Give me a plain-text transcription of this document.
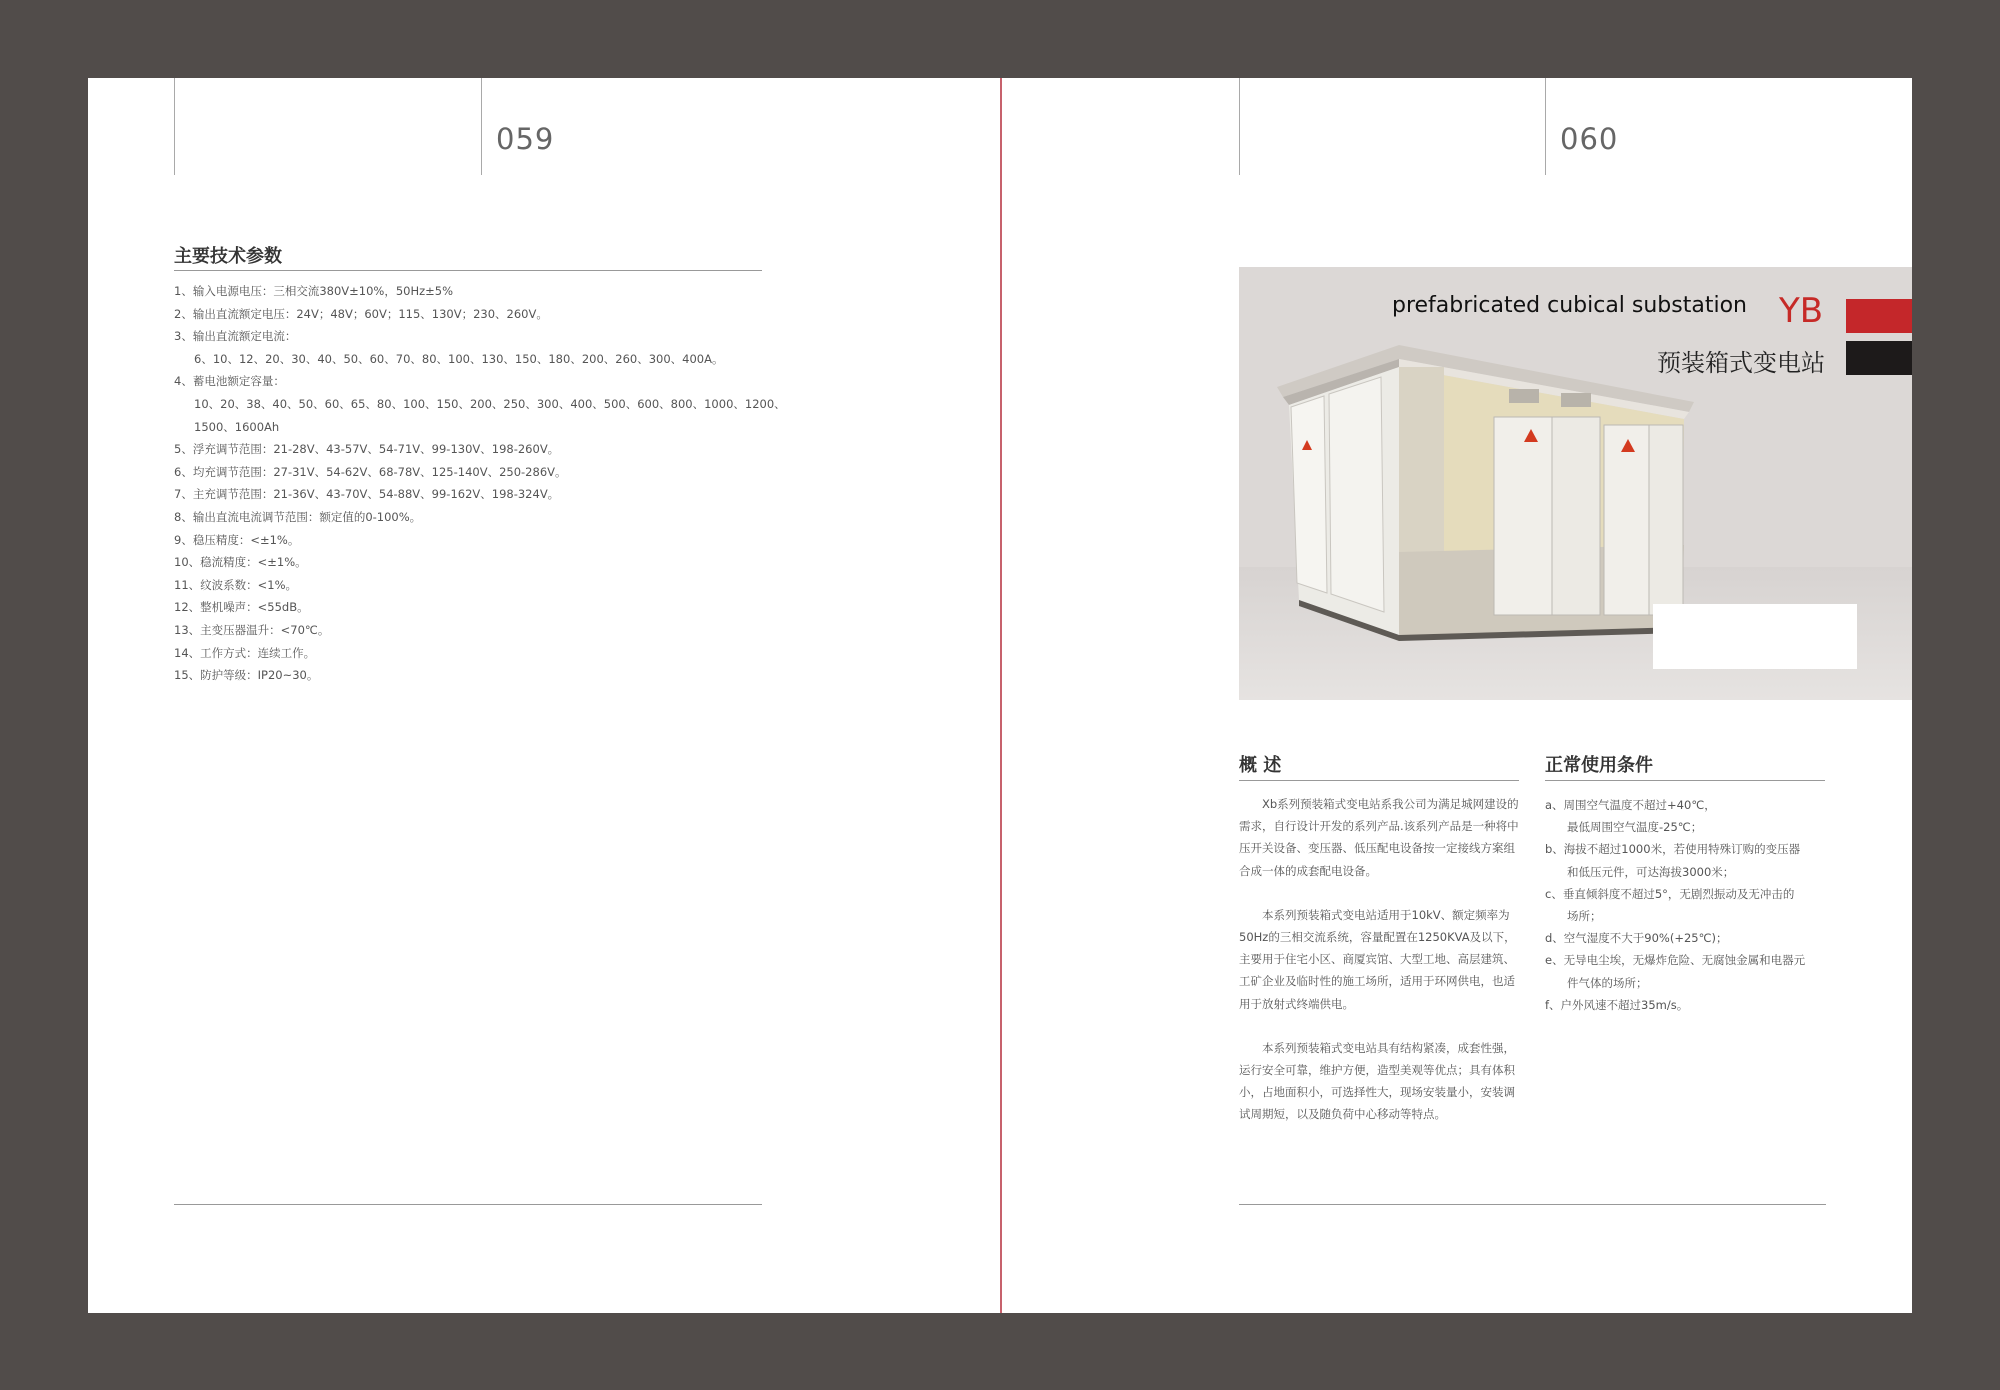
059
主要技术参数
1、输入电源电压：三相交流380V±10%，50Hz±5%
2、输出直流额定电压：24V；48V；60V；115、130V；230、260V。
3、输出直流额定电流：
6、10、12、20、30、40、50、60、70、80、100、130、150、180、200、260、300、400A。
4、蓄电池额定容量：
10、20、38、40、50、60、65、80、100、150、200、250、300、400、500、600、800、1000、1200、
1500、1600Ah
5、浮充调节范围：21-28V、43-57V、54-71V、99-130V、198-260V。
6、均充调节范围：27-31V、54-62V、68-78V、125-140V、250-286V。
7、主充调节范围：21-36V、43-70V、54-88V、99-162V、198-324V。
8、输出直流电流调节范围：额定值的0-100%。
9、稳压精度：<±1%。
10、稳流精度：<±1%。
11、纹波系数：<1%。
12、整机噪声：<55dB。
13、主变压器温升：<70℃。
14、工作方式：连续工作。
15、防护等级：IP20~30。
060
prefabricated cubical substation YB
预装箱式变电站
概 述

Xb系列预装箱式变电站系我公司为满足城网建设的需求，自行设计开发的系列产品.该系列产品是一种将中压开关设备、变压器、低压配电设备按一定接线方案组合成一体的成套配电设备。

本系列预装箱式变电站适用于10kV、额定频率为50Hz的三相交流系统，容量配置在1250KVA及以下，主要用于住宅小区、商厦宾馆、大型工地、高层建筑、工矿企业及临时性的施工场所，适用于环网供电，也适用于放射式终端供电。

本系列预装箱式变电站具有结构紧凑，成套性强，运行安全可靠，维护方便，造型美观等优点；具有体积小，占地面积小，可选择性大，现场安装量小，安装调试周期短，以及随负荷中心移动等特点。

正常使用条件
a、周围空气温度不超过+40℃，
最低周围空气温度-25℃；
b、海拔不超过1000米，若使用特殊订购的变压器
和低压元件，可达海拔3000米；
c、垂直倾斜度不超过5°，无剧烈振动及无冲击的
场所；
d、空气湿度不大于90%(+25℃)；
e、无导电尘埃，无爆炸危险、无腐蚀金属和电器元
件气体的场所；
f、户外风速不超过35m/s。
